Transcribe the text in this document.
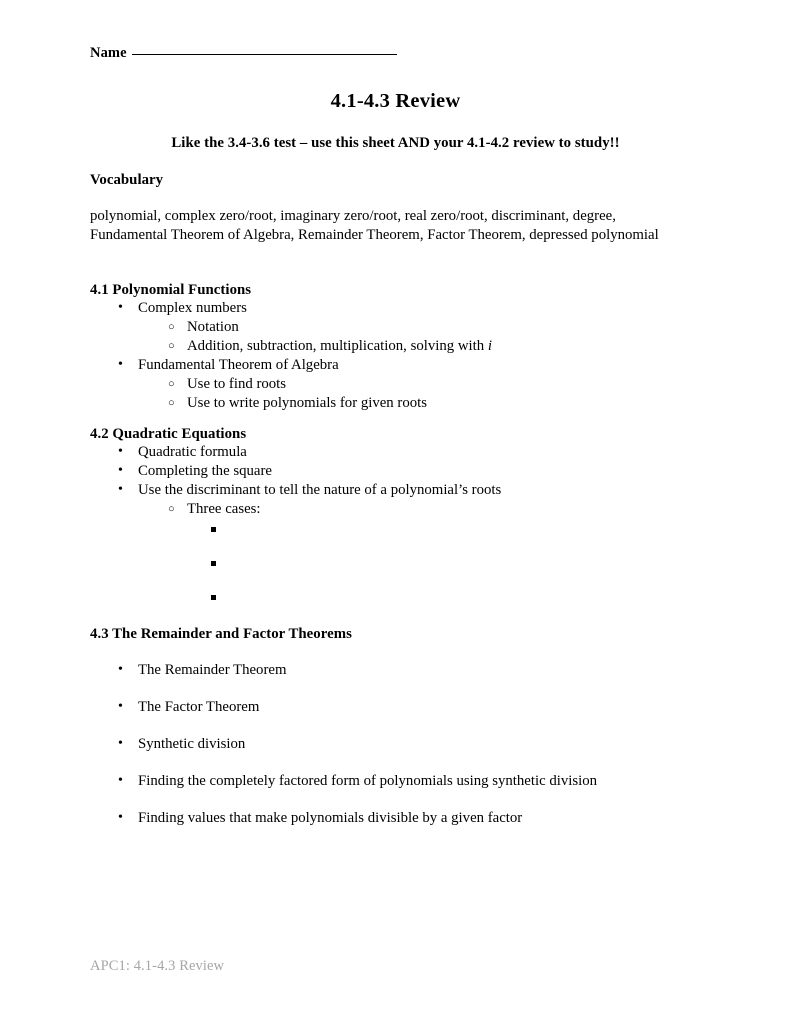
Name
4.1-4.3 Review
Like the 3.4-3.6 test – use this sheet AND your 4.1-4.2 review to study!!
Vocabulary
polynomial, complex zero/root, imaginary zero/root, real zero/root, discriminant, degree,
Fundamental Theorem of Algebra, Remainder Theorem, Factor Theorem, depressed polynomial
4.1 Polynomial Functions
• Complex numbers
○ Notation
○ Addition, subtraction, multiplication, solving with i
• Fundamental Theorem of Algebra
○ Use to find roots
○ Use to write polynomials for given roots
4.2 Quadratic Equations
• Quadratic formula
• Completing the square
• Use the discriminant to tell the nature of a polynomial’s roots
○ Three cases:
4.3 The Remainder and Factor Theorems
• The Remainder Theorem
• The Factor Theorem
• Synthetic division
• Finding the completely factored form of polynomials using synthetic division
• Finding values that make polynomials divisible by a given factor
APC1: 4.1-4.3 Review
